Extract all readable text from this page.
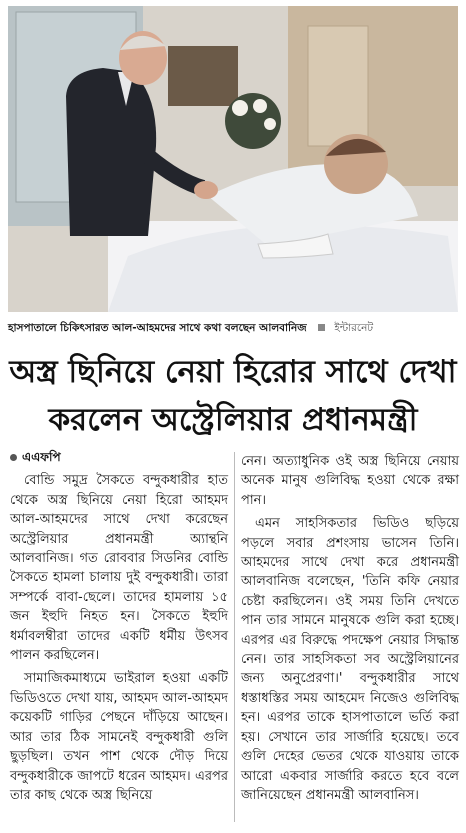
হাসপাতালে চিকিৎসারত আল-আহমদের সাথে কথা বলছেন আলবানিজ	ইন্টারনেট
অস্ত্র ছিনিয়ে নেয়া হিরোর সাথে দেখা
করলেন অস্ট্রেলিয়ার প্রধানমন্ত্রী
এএফপি

বোন্ডি সমুদ্র সৈকতে বন্দুকধারীর হাত থেকে অস্ত্র ছিনিয়ে নেয়া হিরো আহমদ আল-আহমদের সাথে দেখা করেছেন অস্ট্রেলিয়ার প্রধানমন্ত্রী অ্যান্থনি আলবানিজ। গত রোববার সিডনির বোন্ডি সৈকতে হামলা চালায় দুই বন্দুকধারী। তারা সম্পর্কে বাবা-ছেলে। তাদের হামলায় ১৫ জন ইহুদি নিহত হন। সৈকতে ইহুদি ধর্মাবলম্বীরা তাদের একটি ধর্মীয় উৎসব পালন করছিলেন।

সামাজিকমাধ্যমে ভাইরাল হওয়া একটি ভিডিওতে দেখা যায়, আহমদ আল-আহমদ কয়েকটি গাড়ির পেছনে দাঁড়িয়ে আছেন। আর তার ঠিক সামনেই বন্দুকধারী গুলি ছুড়ছিল। তখন পাশ থেকে দৌড় দিয়ে বন্দুকধারীকে জাপটে ধরেন আহমদ। এরপর তার কাছ থেকে অস্ত্র ছিনিয়ে

নেন। অত্যাধুনিক ওই অস্ত্র ছিনিয়ে নেয়ায় অনেক মানুষ গুলিবিদ্ধ হওয়া থেকে রক্ষা পান।

এমন সাহসিকতার ভিডিও ছড়িয়ে পড়লে সবার প্রশংসায় ভাসেন তিনি। আহমদের সাথে দেখা করে প্রধানমন্ত্রী আলবানিজ বলেছেন, 'তিনি কফি নেয়ার চেষ্টা করছিলেন। ওই সময় তিনি দেখতে পান তার সামনে মানুষকে গুলি করা হচ্ছে। এরপর এর বিরুদ্ধে পদক্ষেপ নেয়ার সিদ্ধান্ত নেন। তার সাহসিকতা সব অস্ট্রেলিয়ানের জন্য অনুপ্রেরণা।' বন্দুকধারীর সাথে ধস্তাধস্তির সময় আহমেদ নিজেও গুলিবিদ্ধ হন। এরপর তাকে হাসপাতালে ভর্তি করা হয়। সেখানে তার সার্জারি হয়েছে। তবে গুলি দেহের ভেতর থেকে যাওয়ায় তাকে আরো একবার সার্জারি করতে হবে বলে জানিয়েছেন প্রধানমন্ত্রী আলবানিস।
